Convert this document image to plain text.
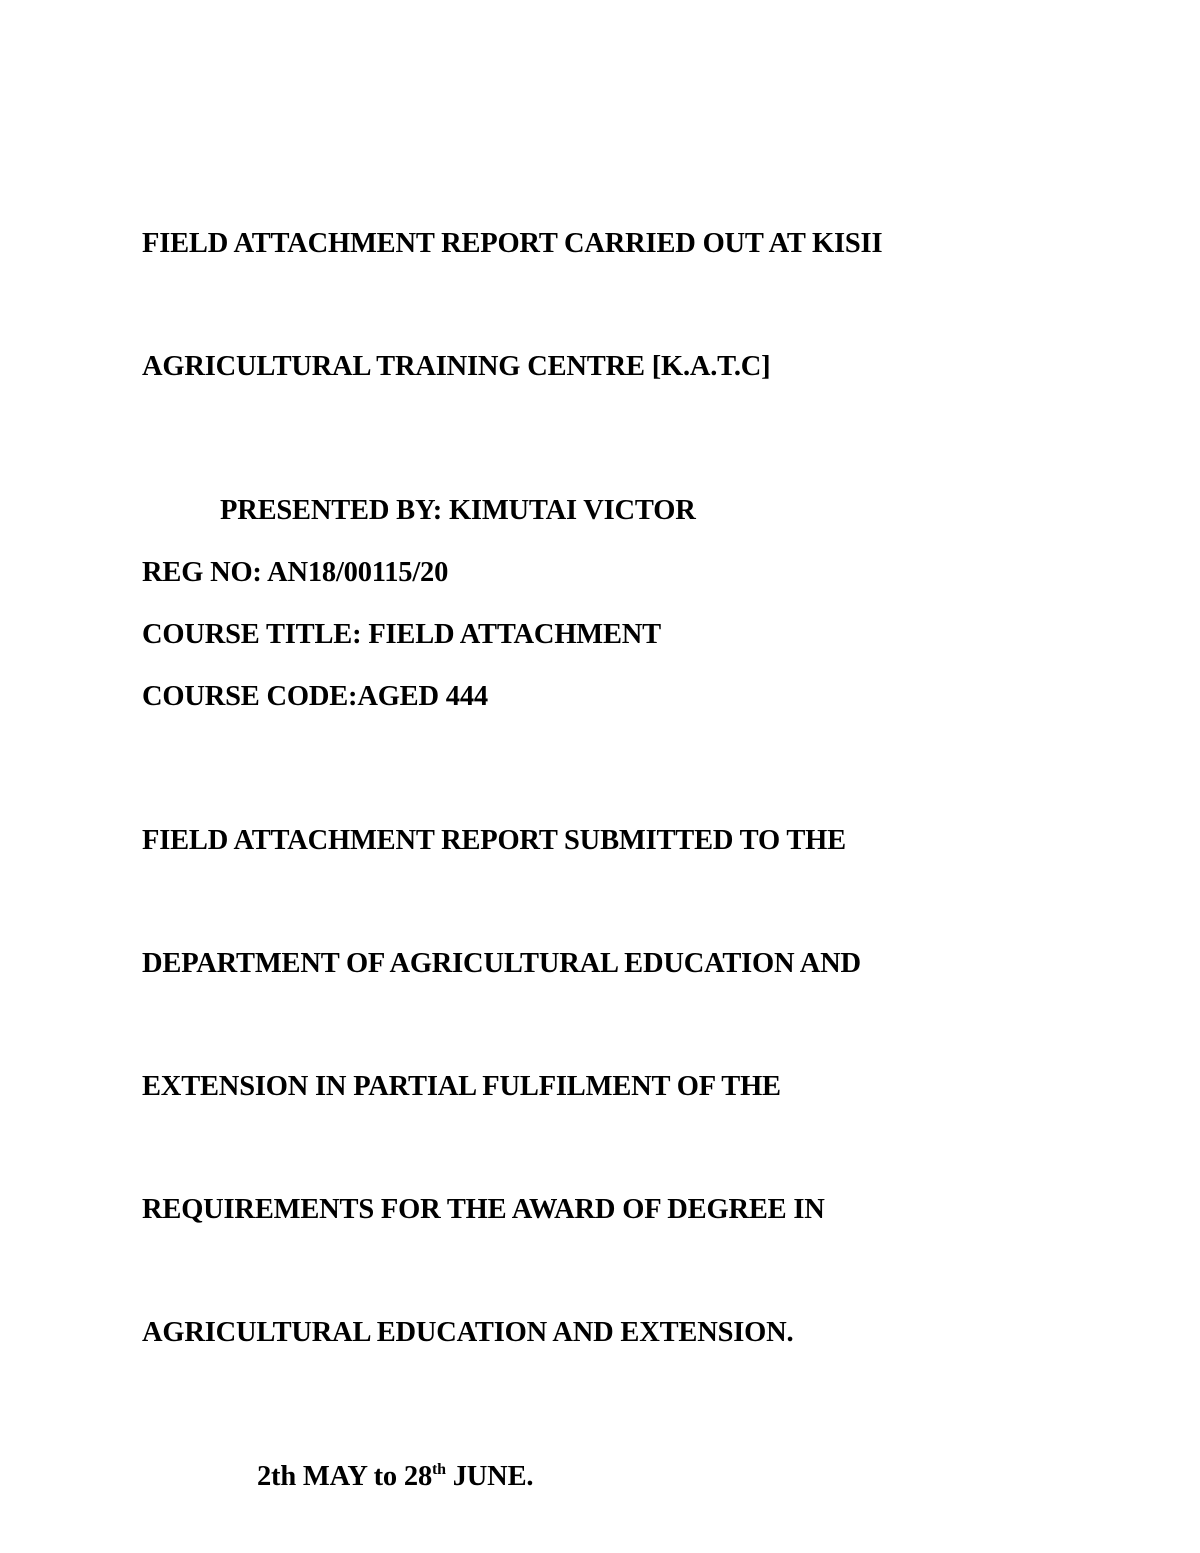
FIELD ATTACHMENT REPORT CARRIED OUT AT KISII

AGRICULTURAL TRAINING CENTRE [K.A.T.C]

PRESENTED BY: KIMUTAI VICTOR
REG NO: AN18/00115/20
COURSE TITLE: FIELD ATTACHMENT
COURSE CODE:AGED 444

FIELD ATTACHMENT REPORT SUBMITTED TO THE

DEPARTMENT OF AGRICULTURAL EDUCATION AND

EXTENSION IN PARTIAL FULFILMENT OF THE

REQUIREMENTS FOR THE AWARD OF DEGREE IN

AGRICULTURAL EDUCATION AND EXTENSION.

2th MAY to 28th JUNE.
